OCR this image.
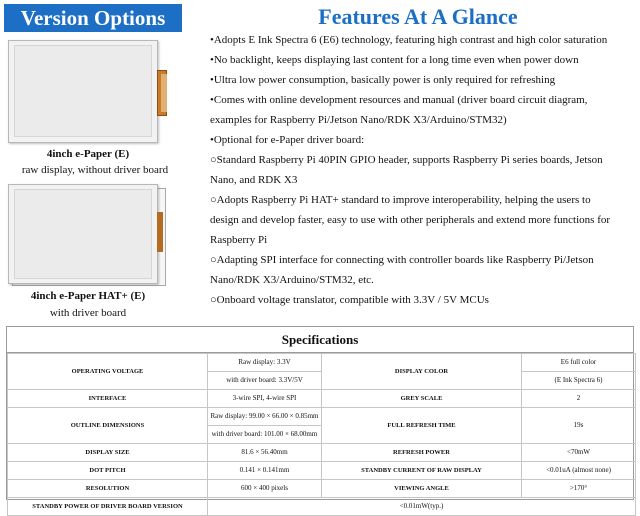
Version Options
4inch e-Paper (E)
raw display, without driver board
4inch e-Paper HAT+ (E)
with driver board
Features At A Glance
•Adopts E Ink Spectra 6 (E6) technology, featuring high contrast and high color saturation
•No backlight, keeps displaying last content for a long time even when power down
•Ultra low power consumption, basically power is only required for refreshing
•Comes with online development resources and manual (driver board circuit diagram,
examples for Raspberry Pi/Jetson Nano/RDK X3/Arduino/STM32)
•Optional for e-Paper driver board:
○Standard Raspberry Pi 40PIN GPIO header, supports Raspberry Pi series boards, Jetson
Nano, and RDK X3
○Adopts Raspberry Pi HAT+ standard to improve interoperability, helping the users to
design and develop faster, easy to use with other peripherals and extend more functions for
Raspberry Pi
○Adapting SPI interface for connecting with controller boards like Raspberry Pi/Jetson
Nano/RDK X3/Arduino/STM32, etc.
○Onboard voltage translator, compatible with 3.3V / 5V MCUs
Specifications
OPERATING VOLTAGE	Raw display: 3.3V	DISPLAY COLOR	E6 full color
	with driver board: 3.3V/5V		(E Ink Spectra 6)
INTERFACE	3-wire SPI, 4-wire SPI	GREY SCALE	2
OUTLINE DIMENSIONS	Raw display: 99.00 × 66.00 × 0.85mm	FULL REFRESH TIME	19s
	with driver board: 101.00 × 68.00mm		
DISPLAY SIZE	81.6 × 56.40mm	REFRESH POWER	<70mW
DOT PITCH	0.141 × 0.141mm	STANDBY CURRENT OF RAW DISPLAY	<0.01uA (almost none)
RESOLUTION	600 × 400 pixels	VIEWING ANGLE	>170°
STANDBY POWER OF DRIVER BOARD VERSION	<0.01mW(typ.)		
